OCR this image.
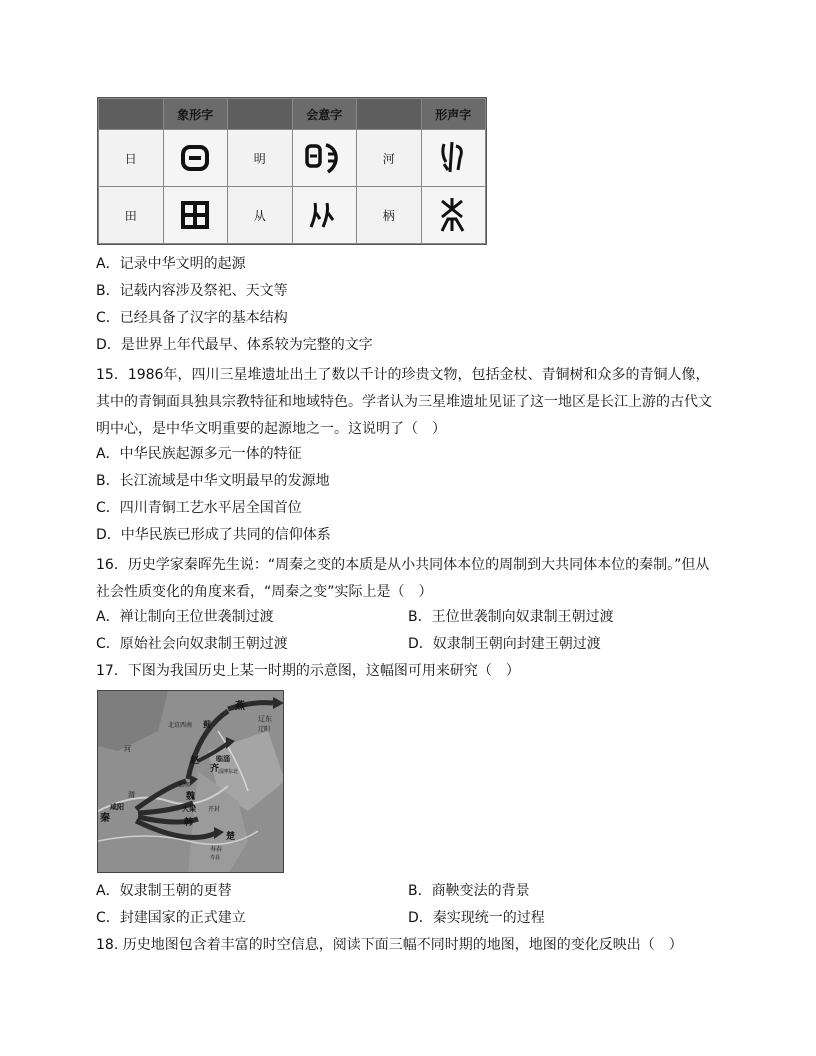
	象形字		会意字		形声字
日		明		河	

田		从		柄	
A．记录中华文明的起源
B．记载内容涉及祭祀、天文等
C．已经具备了汉字的基本结构
D．是世界上年代最早、体系较为完整的文字
15．1986年，四川三星堆遗址出土了数以千计的珍贵文物，包括金杖、青铜树和众多的青铜人像，其中的青铜面具独具宗教特征和地域特色。学者认为三星堆遗址见证了这一地区是长江上游的古代文明中心，是中华文明重要的起源地之一。这说明了（　）
A．中华民族起源多元一体的特征
B．长江流域是中华文明最早的发源地
C．四川青铜工艺水平居全国首位
D．中华民族已形成了共同的信仰体系
16．历史学家秦晖先生说：“周秦之变的本质是从小共同体本位的周制到大共同体本位的秦制。”但从社会性质变化的角度来看，“周秦之变”实际上是（　）
A．禅让制向王位世袭制过渡	B．王位世袭制向奴隶制王朝过渡
C．原始社会向奴隶制王朝过渡	D．奴隶制王朝向封建王朝过渡
17．下图为我国历史上某一时期的示意图，这幅图可用来研究（　）
燕
北京西南 蓟
辽东
辽阳
临淄
齐
淄博东北
赵
邯郸
魏
大梁 开封
韩
咸阳
秦
楚
寿春
寿县
河
渭
A．奴隶制王朝的更替	B．商鞅变法的背景
C．封建国家的正式建立	D．秦实现统一的过程
18. 历史地图包含着丰富的时空信息，阅读下面三幅不同时期的地图，地图的变化反映出（　）
